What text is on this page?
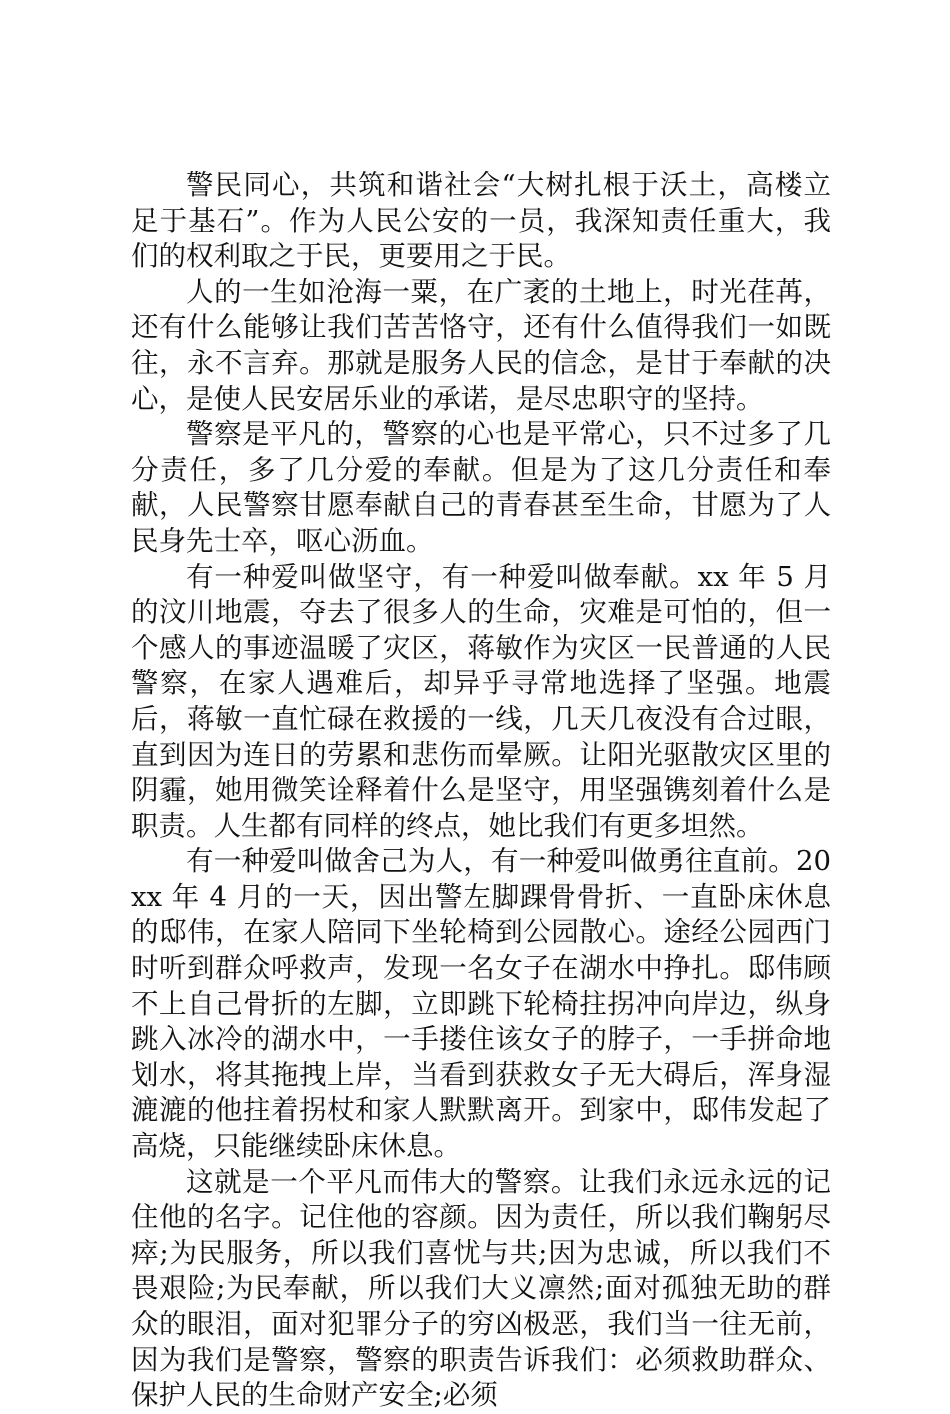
警民同心，共筑和谐社会“大树扎根于沃土，高楼立足于基石”。作为人民公安的一员，我深知责任重大，我们的权利取之于民，更要用之于民。

人的一生如沧海一粟，在广袤的土地上，时光荏苒，还有什么能够让我们苦苦恪守，还有什么值得我们一如既往，永不言弃。那就是服务人民的信念，是甘于奉献的决心，是使人民安居乐业的承诺，是尽忠职守的坚持。

警察是平凡的，警察的心也是平常心，只不过多了几分责任，多了几分爱的奉献。但是为了这几分责任和奉献，人民警察甘愿奉献自己的青春甚至生命，甘愿为了人民身先士卒，呕心沥血。

有一种爱叫做坚守，有一种爱叫做奉献。xx 年 5 月的汶川地震，夺去了很多人的生命，灾难是可怕的，但一个感人的事迹温暖了灾区，蒋敏作为灾区一民普通的人民警察，在家人遇难后，却异乎寻常地选择了坚强。地震后，蒋敏一直忙碌在救援的一线，几天几夜没有合过眼，直到因为连日的劳累和悲伤而晕厥。让阳光驱散灾区里的阴霾，她用微笑诠释着什么是坚守，用坚强镌刻着什么是职责。人生都有同样的终点，她比我们有更多坦然。

有一种爱叫做舍己为人，有一种爱叫做勇往直前。20xx 年 4 月的一天，因出警左脚踝骨骨折、一直卧床休息的邸伟，在家人陪同下坐轮椅到公园散心。途经公园西门时听到群众呼救声，发现一名女子在湖水中挣扎。邸伟顾不上自己骨折的左脚，立即跳下轮椅拄拐冲向岸边，纵身跳入冰冷的湖水中，一手搂住该女子的脖子，一手拼命地划水，将其拖拽上岸，当看到获救女子无大碍后，浑身湿漉漉的他拄着拐杖和家人默默离开。到家中，邸伟发起了高烧，只能继续卧床休息。

这就是一个平凡而伟大的警察。让我们永远永远的记住他的名字。记住他的容颜。因为责任，所以我们鞠躬尽瘁;为民服务，所以我们喜忧与共;因为忠诚，所以我们不畏艰险;为民奉献，所以我们大义凛然;面对孤独无助的群众的眼泪，面对犯罪分子的穷凶极恶，我们当一往无前，因为我们是警察，警察的职责告诉我们：必须救助群众、保护人民的生命财产安全;必须
